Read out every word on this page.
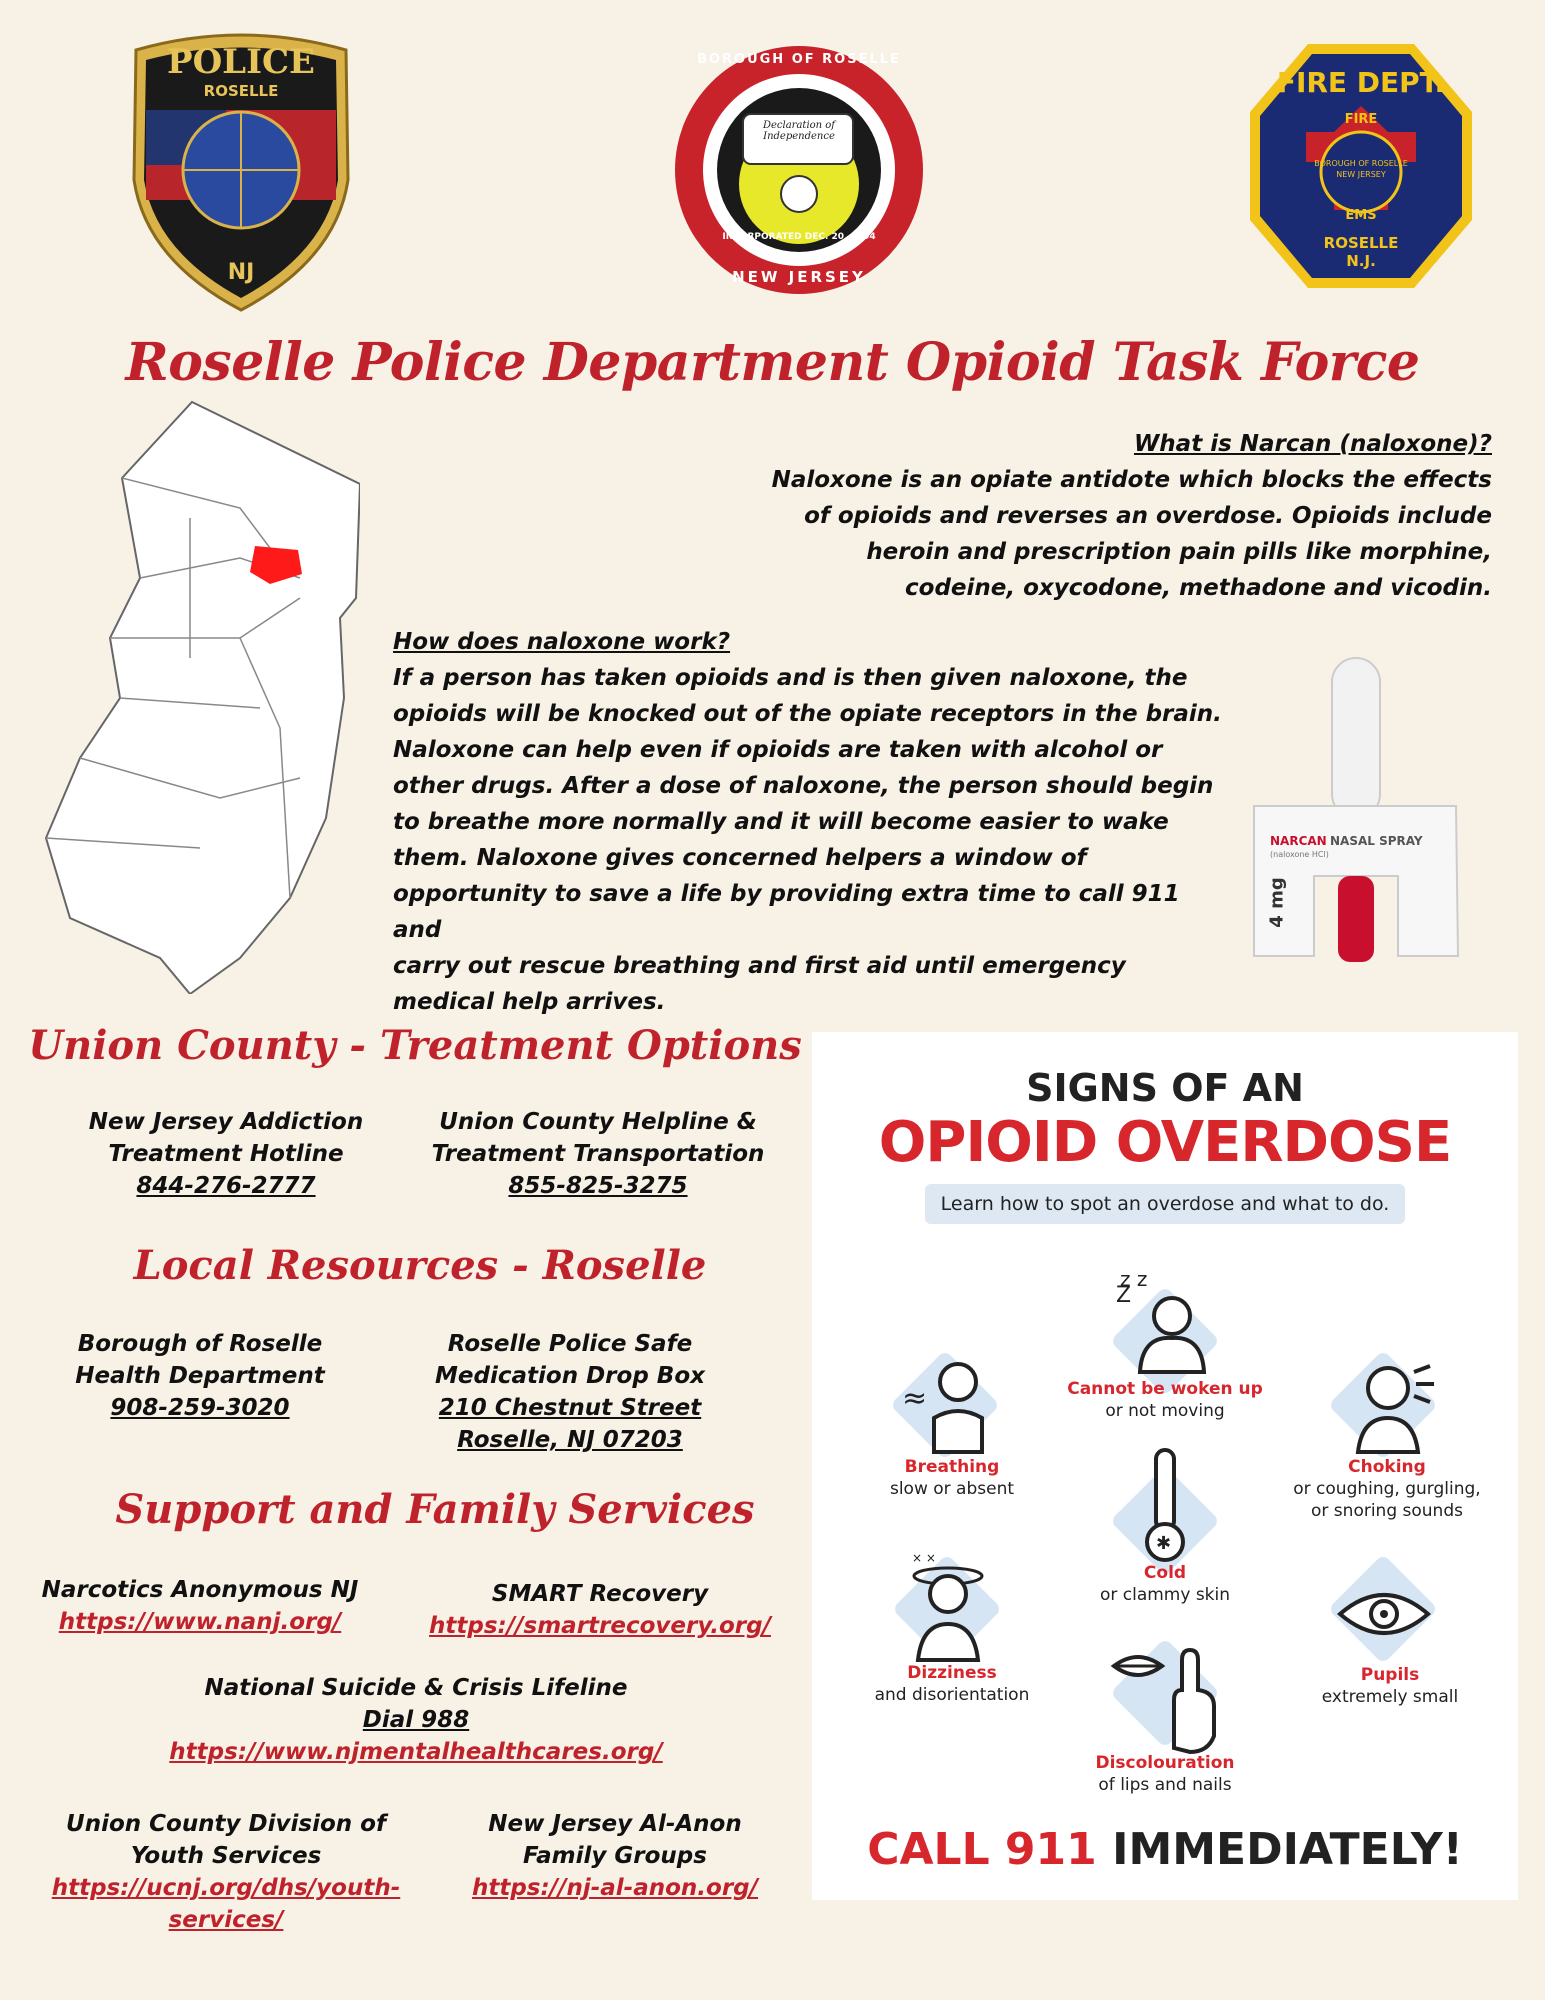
POLICE
ROSELLE
NJ
BOROUGH OF ROSELLE
Declaration of Independence
INCORPORATED DEC. 20, 1894
NEW JERSEY
FIRE DEPT.
FIRE
BOROUGH OF ROSELLE NEW JERSEY
EMS
ROSELLE
N.J.
Roselle Police Department Opioid Task Force
What is Narcan (naloxone)?
Naloxone is an opiate antidote which blocks the effects
of opioids and reverses an overdose. Opioids include
heroin and prescription pain pills like morphine,
codeine, oxycodone, methadone and vicodin.
How does naloxone work?
If a person has taken opioids and is then given naloxone, the
opioids will be knocked out of the opiate receptors in the brain.
Naloxone can help even if opioids are taken with alcohol or
other drugs. After a dose of naloxone, the person should begin
to breathe more normally and it will become easier to wake
them. Naloxone gives concerned helpers a window of
opportunity to save a life by providing extra time to call 911 and
carry out rescue breathing and first aid until emergency
medical help arrives.
NARCAN NASAL SPRAY
(naloxone HCl)
4 mg
Union County - Treatment Options
New Jersey Addiction
Treatment Hotline
844-276-2777
Union County Helpline &
Treatment Transportation
855-825-3275
Local Resources - Roselle
Borough of Roselle
Health Department
908-259-3020
Roselle Police Safe
Medication Drop Box
210 Chestnut Street
Roselle, NJ 07203
Support and Family Services
Narcotics Anonymous NJ
https://www.nanj.org/
SMART Recovery
https://smartrecovery.org/
National Suicide & Crisis Lifeline
Dial 988
https://www.njmentalhealthcares.org/
Union County Division of
Youth Services
https://ucnj.org/dhs/youth-
services/
New Jersey Al-Anon
Family Groups
https://nj-al-anon.org/
SIGNS OF AN
OPIOID OVERDOSE
Learn how to spot an overdose and what to do.
z z
Z
Cannot be woken up
or not moving
≈
Breathing
slow or absent
Choking
or coughing, gurgling,
or snoring sounds
✱
Cold
or clammy skin
× ×
Dizziness
and disorientation
Pupils
extremely small
Discolouration
of lips and nails
CALL 911 IMMEDIATELY!
